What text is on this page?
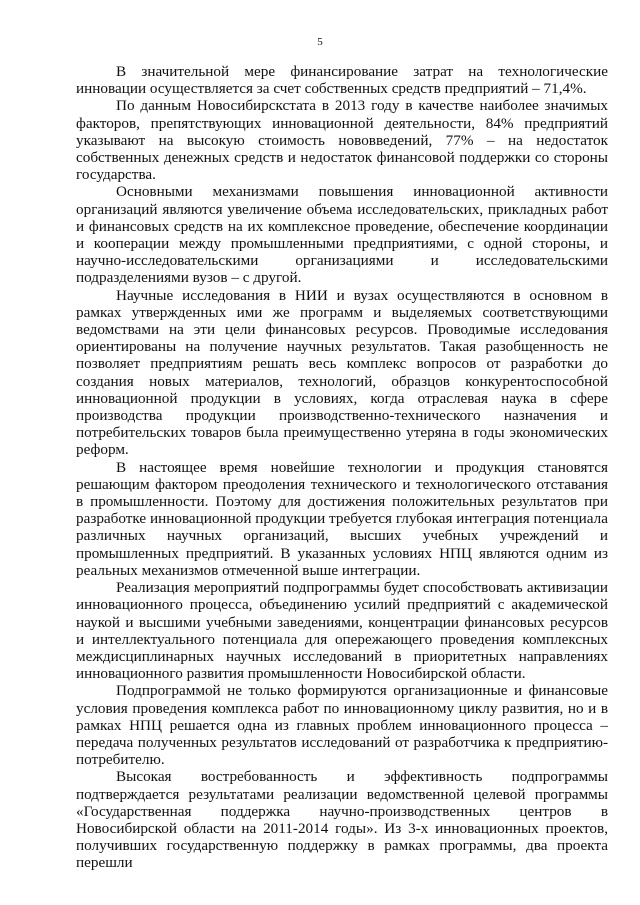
5

В значительной мере финансирование затрат на технологические инновации осуществляется за счет собственных средств предприятий – 71,4%.

По данным Новосибирскстата в 2013 году в качестве наиболее значимых факторов, препятствующих инновационной деятельности, 84% предприятий указывают на высокую стоимость нововведений, 77% – на недостаток собственных денежных средств и недостаток финансовой поддержки со стороны государства.

Основными механизмами повышения инновационной активности организаций являются увеличение объема исследовательских, прикладных работ и финансовых средств на их комплексное проведение, обеспечение координации и кооперации между промышленными предприятиями, с одной стороны, и научно-исследовательскими организациями и исследовательскими подразделениями вузов – с другой.

Научные исследования в НИИ и вузах осуществляются в основном в рамках утвержденных ими же программ и выделяемых соответствующими ведомствами на эти цели финансовых ресурсов. Проводимые исследования ориентированы на получение научных результатов. Такая разобщенность не позволяет предприятиям решать весь комплекс вопросов от разработки до создания новых материалов, технологий, образцов конкурентоспособной инновационной продукции в условиях, когда отраслевая наука в сфере производства продукции производственно-технического назначения и потребительских товаров была преимущественно утеряна в годы экономических реформ.

В настоящее время новейшие технологии и продукция становятся решающим фактором преодоления технического и технологического отставания в промышленности. Поэтому для достижения положительных результатов при разработке инновационной продукции требуется глубокая интеграция потенциала различных научных организаций, высших учебных учреждений и промышленных предприятий. В указанных условиях НПЦ являются одним из реальных механизмов отмеченной выше интеграции.

Реализация мероприятий подпрограммы будет способствовать активизации инновационного процесса, объединению усилий предприятий с академической наукой и высшими учебными заведениями, концентрации финансовых ресурсов и интеллектуального потенциала для опережающего проведения комплексных междисциплинарных научных исследований в приоритетных направлениях инновационного развития промышленности Новосибирской области.

Подпрограммой не только формируются организационные и финансовые условия проведения комплекса работ по инновационному циклу развития, но и в рамках НПЦ решается одна из главных проблем инновационного процесса – передача полученных результатов исследований от разработчика к предприятию-потребителю.

Высокая востребованность и эффективность подпрограммы подтверждается результатами реализации ведомственной целевой программы «Государственная поддержка научно-производственных центров в Новосибирской области на 2011-2014 годы». Из 3-х инновационных проектов, получивших государственную поддержку в рамках программы, два проекта перешли
